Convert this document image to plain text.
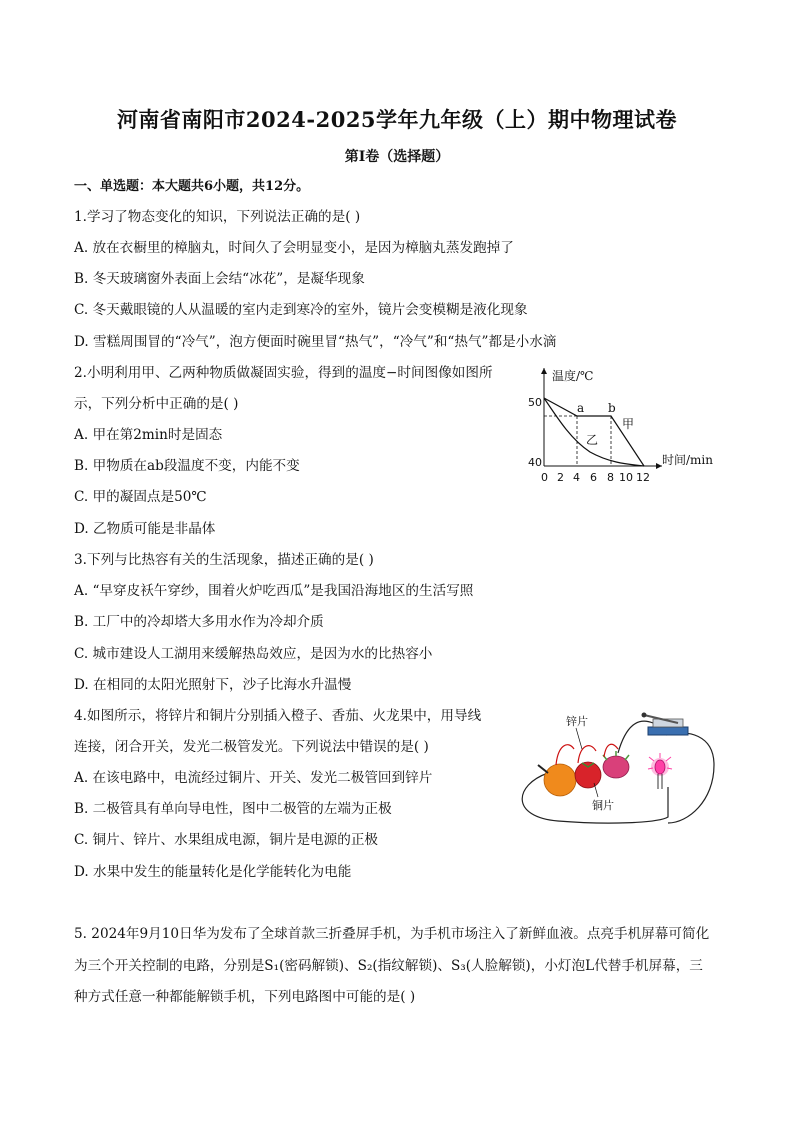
河南省南阳市2024-2025学年九年级（上）期中物理试卷
第I卷（选择题）
一、单选题：本大题共6小题，共12分。
1.学习了物态变化的知识，下列说法正确的是( )
A. 放在衣橱里的樟脑丸，时间久了会明显变小，是因为樟脑丸蒸发跑掉了
B. 冬天玻璃窗外表面上会结“冰花”，是凝华现象
C. 冬天戴眼镜的人从温暖的室内走到寒冷的室外，镜片会变模糊是液化现象
D. 雪糕周围冒的“冷气”，泡方便面时碗里冒“热气”，“冷气”和“热气”都是小水滴
2.小明利用甲、乙两种物质做凝固实验，得到的温度−时间图像如图所
示，下列分析中正确的是( )
A. 甲在第2min时是固态
B. 甲物质在ab段温度不变，内能不变
C. 甲的凝固点是50℃
D. 乙物质可能是非晶体
温度/℃
时间/min
50
40
0 2 4 6 8 10 12
a b
甲
乙
3.下列与比热容有关的生活现象，描述正确的是( )
A. “早穿皮袄午穿纱，围着火炉吃西瓜”是我国沿海地区的生活写照
B. 工厂中的冷却塔大多用水作为冷却介质
C. 城市建设人工湖用来缓解热岛效应，是因为水的比热容小
D. 在相同的太阳光照射下，沙子比海水升温慢
4.如图所示，将锌片和铜片分别插入橙子、香茄、火龙果中，用导线
连接，闭合开关，发光二极管发光。下列说法中错误的是( )
A. 在该电路中，电流经过铜片、开关、发光二极管回到锌片
B. 二极管具有单向导电性，图中二极管的左端为正极
C. 铜片、锌片、水果组成电源，铜片是电源的正极
D. 水果中发生的能量转化是化学能转化为电能
锌片
铜片
5. 2024年9月10日华为发布了全球首款三折叠屏手机，为手机市场注入了新鲜血液。点亮手机屏幕可简化
为三个开关控制的电路，分别是S₁(密码解锁)、S₂(指纹解锁)、S₃(人脸解锁)，小灯泡L代替手机屏幕，三
种方式任意一种都能解锁手机，下列电路图中可能的是( )
